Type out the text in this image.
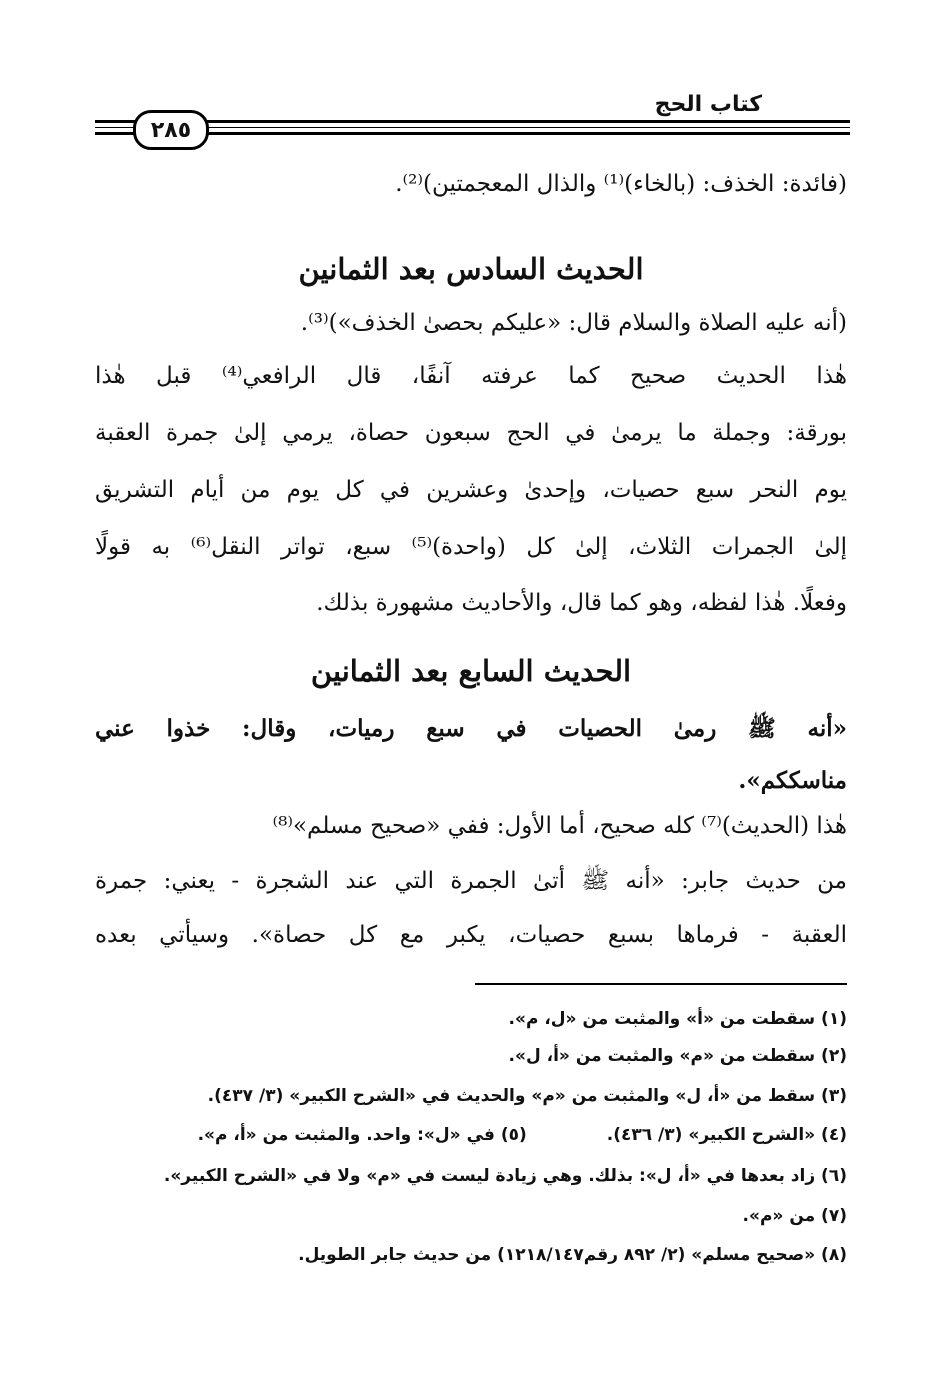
كتاب الحج
٢٨٥
(فائدة: الخذف: (بالخاء)⁽¹⁾ والذال المعجمتين)⁽²⁾.
الحديث السادس بعد الثمانين
(أنه عليه الصلاة والسلام قال: «عليكم بحصىٰ الخذف»)⁽³⁾.
هٰذا الحديث صحيح كما عرفته آنفًا، قال الرافعي⁽⁴⁾ قبل هٰذا
بورقة: وجملة ما يرمىٰ في الحج سبعون حصاة، يرمي إلىٰ جمرة العقبة
يوم النحر سبع حصيات، وإحدىٰ وعشرين في كل يوم من أيام التشريق
إلىٰ الجمرات الثلاث، إلىٰ كل (واحدة)⁽⁵⁾ سبع، تواتر النقل⁽⁶⁾ به قولًا
وفعلًا. هٰذا لفظه، وهو كما قال، والأحاديث مشهورة بذلك.
الحديث السابع بعد الثمانين
«أنه ﷺ رمىٰ الحصيات في سبع رميات، وقال: خذوا عني
مناسككم».
هٰذا (الحديث)⁽⁷⁾ كله صحيح، أما الأول: ففي «صحيح مسلم»⁽⁸⁾
من حديث جابر: «أنه ﷺ أتىٰ الجمرة التي عند الشجرة - يعني: جمرة
العقبة - فرماها بسبع حصيات، يكبر مع كل حصاة». وسيأتي بعده
(١) سقطت من «أ» والمثبت من «ل، م».
(٢) سقطت من «م» والمثبت من «أ، ل».
(٣) سقط من «أ، ل» والمثبت من «م» والحديث في «الشرح الكبير» (٣/ ٤٣٧).
(٤) «الشرح الكبير» (٣/ ٤٣٦).(٥) في «ل»: واحد. والمثبت من «أ، م».
(٦) زاد بعدها في «أ، ل»: بذلك. وهي زيادة ليست في «م» ولا في «الشرح الكبير».
(٧) من «م».
(٨) «صحيح مسلم» (٢/ ٨٩٢ رقم١٢١٨/١٤٧) من حديث جابر الطويل.
